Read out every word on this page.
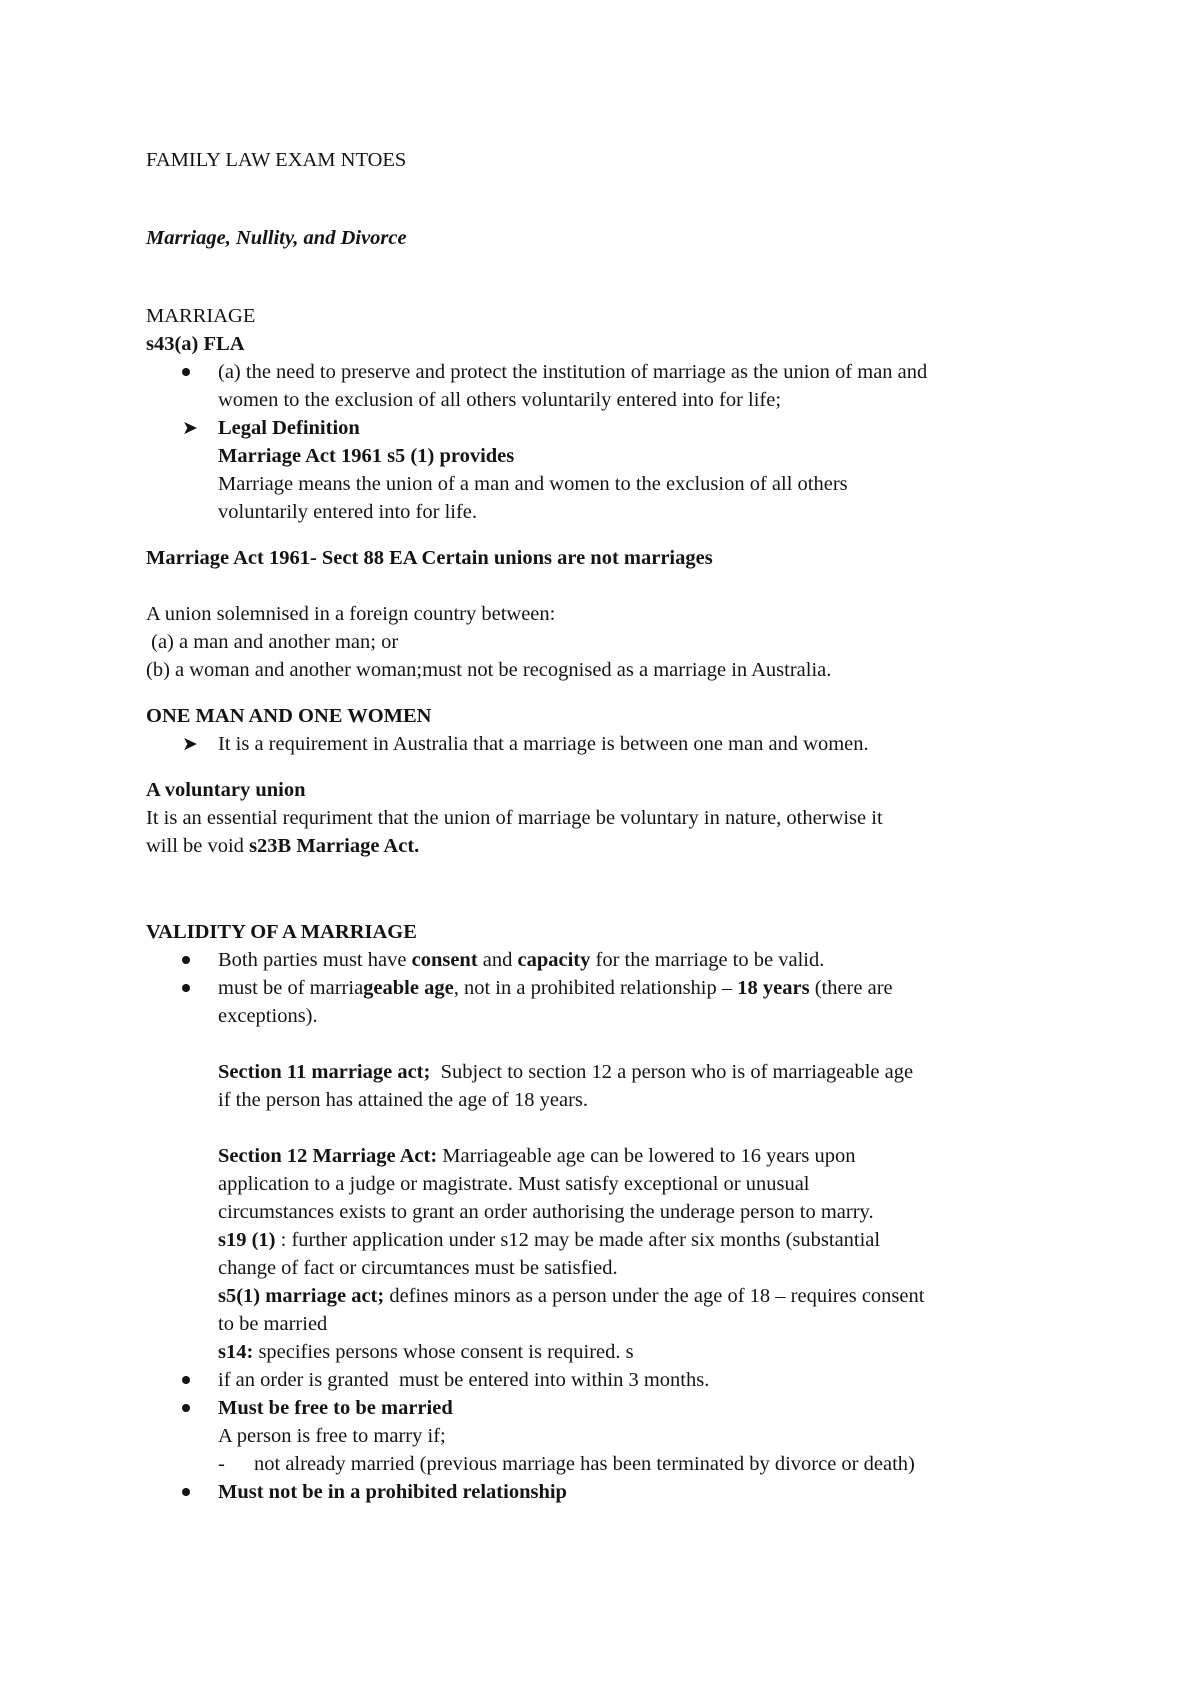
FAMILY LAW EXAM NTOES
Marriage, Nullity, and Divorce
MARRIAGE
s43(a) FLA
(a) the need to preserve and protect the institution of marriage as the union of man and
women to the exclusion of all others voluntarily entered into for life;
➤ Legal Definition
Marriage Act 1961 s5 (1) provides
Marriage means the union of a man and women to the exclusion of all others
voluntarily entered into for life.
Marriage Act 1961- Sect 88 EA Certain unions are not marriages
A union solemnised in a foreign country between:
(a) a man and another man; or
(b) a woman and another woman;must not be recognised as a marriage in Australia.
ONE MAN AND ONE WOMEN
➤ It is a requirement in Australia that a marriage is between one man and women.
A voluntary union
It is an essential requriment that the union of marriage be voluntary in nature, otherwise it
will be void s23B Marriage Act.
VALIDITY OF A MARRIAGE
Both parties must have consent and capacity for the marriage to be valid.
must be of marriageable age, not in a prohibited relationship – 18 years (there are
exceptions).
Section 11 marriage act;  Subject to section 12 a person who is of marriageable age
if the person has attained the age of 18 years.
Section 12 Marriage Act: Marriageable age can be lowered to 16 years upon
application to a judge or magistrate. Must satisfy exceptional or unusual
circumstances exists to grant an order authorising the underage person to marry.
s19 (1) : further application under s12 may be made after six months (substantial
change of fact or circumtances must be satisfied.
s5(1) marriage act; defines minors as a person under the age of 18 – requires consent
to be married
s14: specifies persons whose consent is required. s
if an order is granted  must be entered into within 3 months.
Must be free to be married
A person is free to marry if;
- not already married (previous marriage has been terminated by divorce or death)
Must not be in a prohibited relationship
